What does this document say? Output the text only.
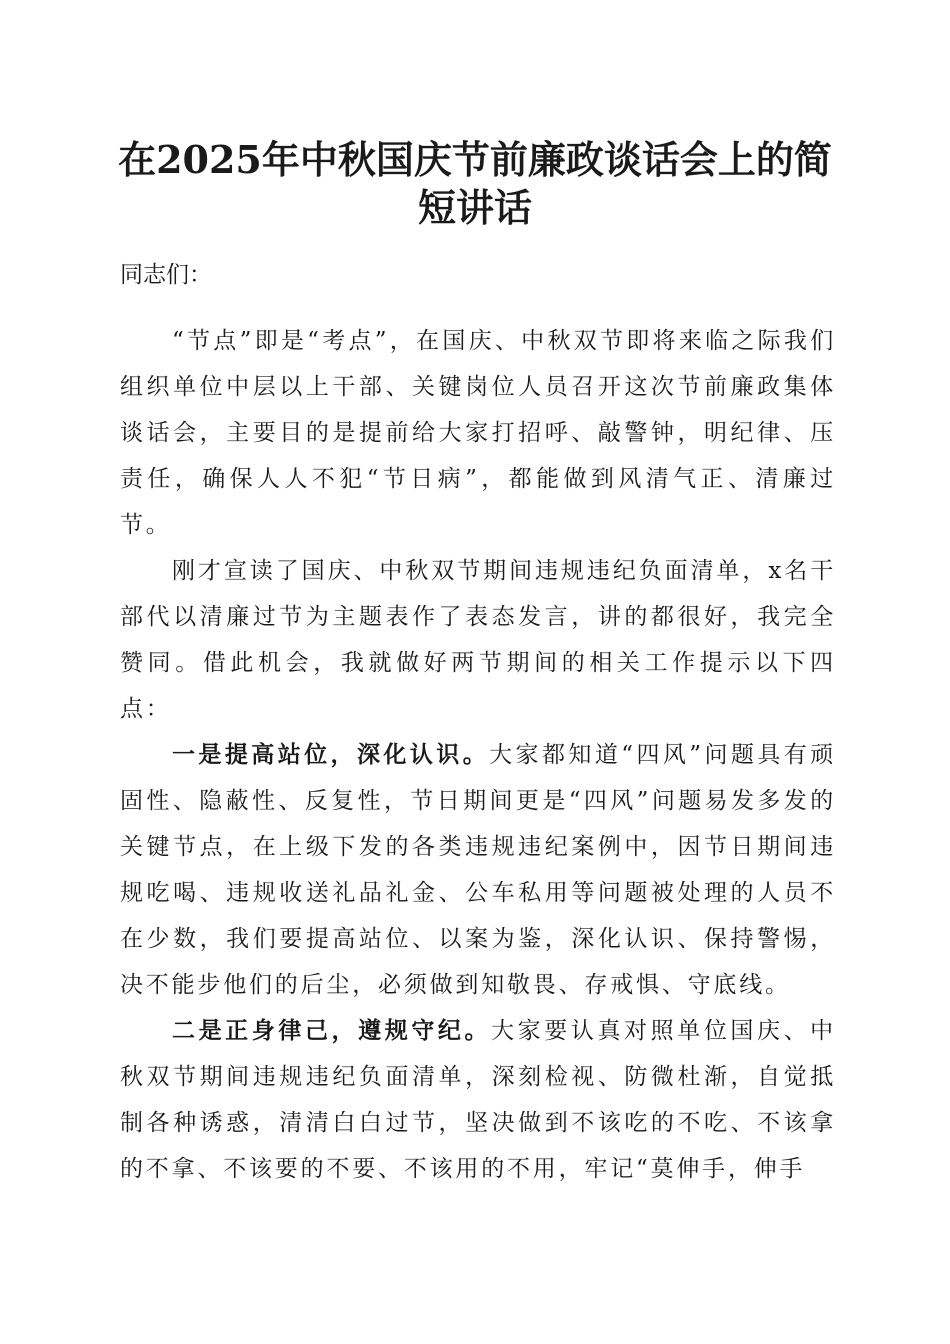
在2025年中秋国庆节前廉政谈话会上的简短讲话

同志们：

“节点”即是“考点”，在国庆、中秋双节即将来临之际我们组织单位中层以上干部、关键岗位人员召开这次节前廉政集体谈话会，主要目的是提前给大家打招呼、敲警钟，明纪律、压责任，确保人人不犯“节日病”，都能做到风清气正、清廉过节。

刚才宣读了国庆、中秋双节期间违规违纪负面清单，x名干部代以清廉过节为主题表作了表态发言，讲的都很好，我完全赞同。借此机会，我就做好两节期间的相关工作提示以下四点：

一是提高站位，深化认识。大家都知道“四风”问题具有顽固性、隐蔽性、反复性，节日期间更是“四风”问题易发多发的关键节点，在上级下发的各类违规违纪案例中，因节日期间违规吃喝、违规收送礼品礼金、公车私用等问题被处理的人员不在少数，我们要提高站位、以案为鉴，深化认识、保持警惕，决不能步他们的后尘，必须做到知敬畏、存戒惧、守底线。

二是正身律己，遵规守纪。大家要认真对照单位国庆、中秋双节期间违规违纪负面清单，深刻检视、防微杜渐，自觉抵制各种诱惑，清清白白过节，坚决做到不该吃的不吃、不该拿的不拿、不该要的不要、不该用的不用，牢记“莫伸手，伸手
